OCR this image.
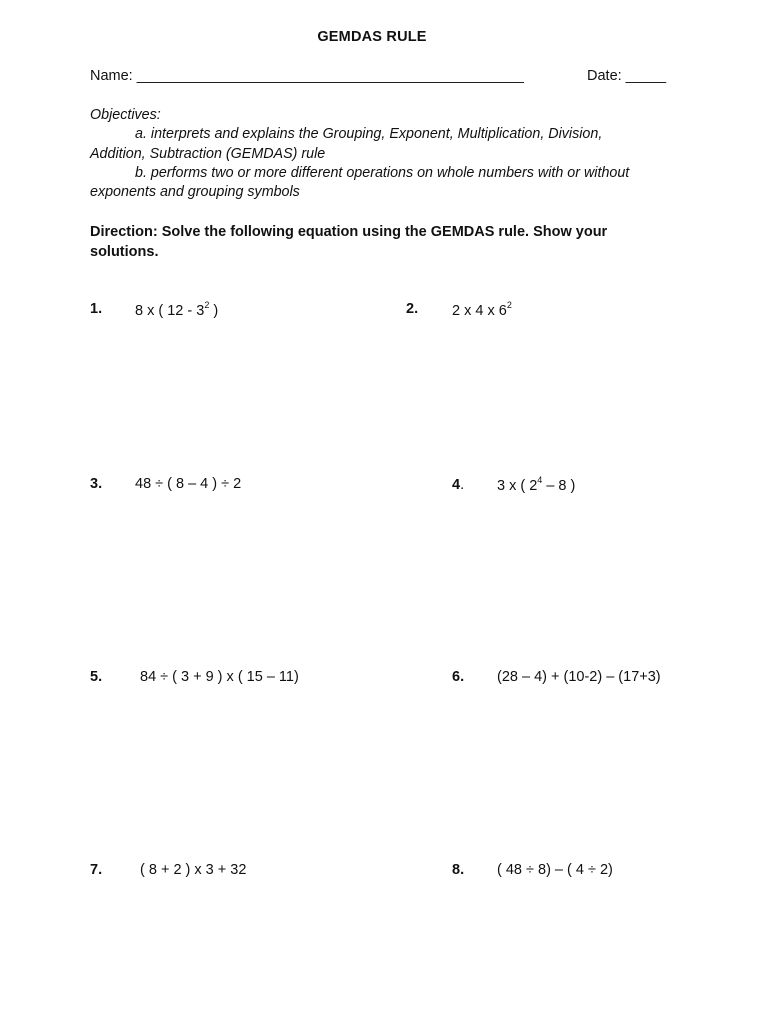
GEMDAS RULE
Name: ________________________________________________	Date: _____
Objectives:
a. interprets and explains the Grouping, Exponent, Multiplication, Division,
Addition, Subtraction (GEMDAS) rule
b. performs two or more different operations on whole numbers with or without
exponents and grouping symbols
Direction: Solve the following equation using the GEMDAS rule. Show your solutions.
1. 8 x ( $12 - 3^2$ )	2. 2 x 4 x $6^2$
3. 48 ÷ ( 8 – 4 ) ÷ 2	4. 3 x ( $2^4 - 8$ )
5.	84 ÷ ( 3 + 9 ) x ( 15 – 11)	6. (28 – 4) + (10-2) – (17+3)
7.	( 8 + 2 ) x 3 + 32	8. ( 48 ÷ 8) – ( 4 ÷ 2)
